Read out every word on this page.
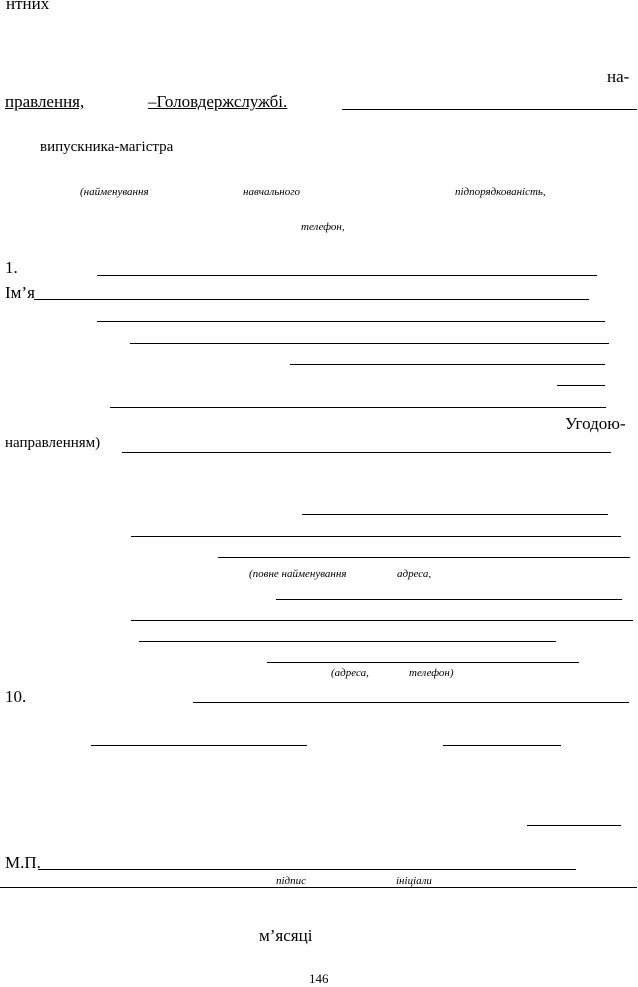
нтних
на-
правлення,	–Головдержслужбі.
випускника-магістра
(найменування	навчального	підпорядкованість,
телефон,
1.
Ім’я
Угодою-
направленням)
(повне найменування	адреса,
(адреса,	телефон)
10.
М.П.
підпис	ініціали
м’ясяці
146
